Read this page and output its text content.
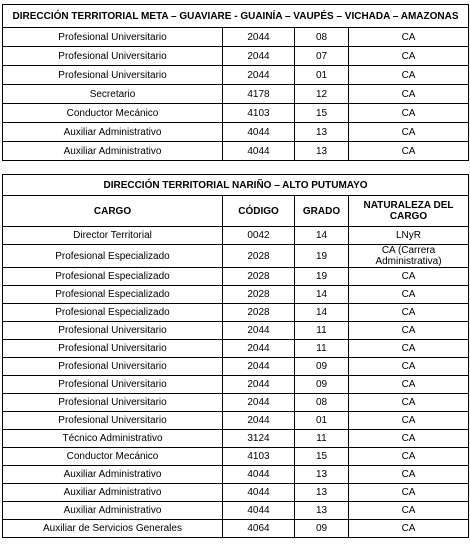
DIRECCIÓN TERRITORIAL META – GUAVIARE - GUAINÍA – VAUPÉS – VICHADA – AMAZONAS			
Profesional Universitario	2044	08	CA
Profesional Universitario	2044	07	CA
Profesional Universitario	2044	01	CA
Secretario	4178	12	CA
Conductor Mecánico	4103	15	CA
Auxiliar Administrativo	4044	13	CA
Auxiliar Administrativo	4044	13	CA
DIRECCIÓN TERRITORIAL NARIÑO – ALTO PUTUMAYO			
CARGO	CÓDIGO	GRADO	NATURALEZA DEL CARGO
Director Territorial	0042	14	LNyR
Profesional Especializado	2028	19	CA (Carrera Administrativa)
Profesional Especializado	2028	19	CA
Profesional Especializado	2028	14	CA
Profesional Especializado	2028	14	CA
Profesional Universitario	2044	11	CA
Profesional Universitario	2044	11	CA
Profesional Universitario	2044	09	CA
Profesional Universitario	2044	09	CA
Profesional Universitario	2044	08	CA
Profesional Universitario	2044	01	CA
Técnico Administrativo	3124	11	CA
Conductor Mecánico	4103	15	CA
Auxiliar Administrativo	4044	13	CA
Auxiliar Administrativo	4044	13	CA
Auxiliar Administrativo	4044	13	CA
Auxiliar de Servicios Generales	4064	09	CA
